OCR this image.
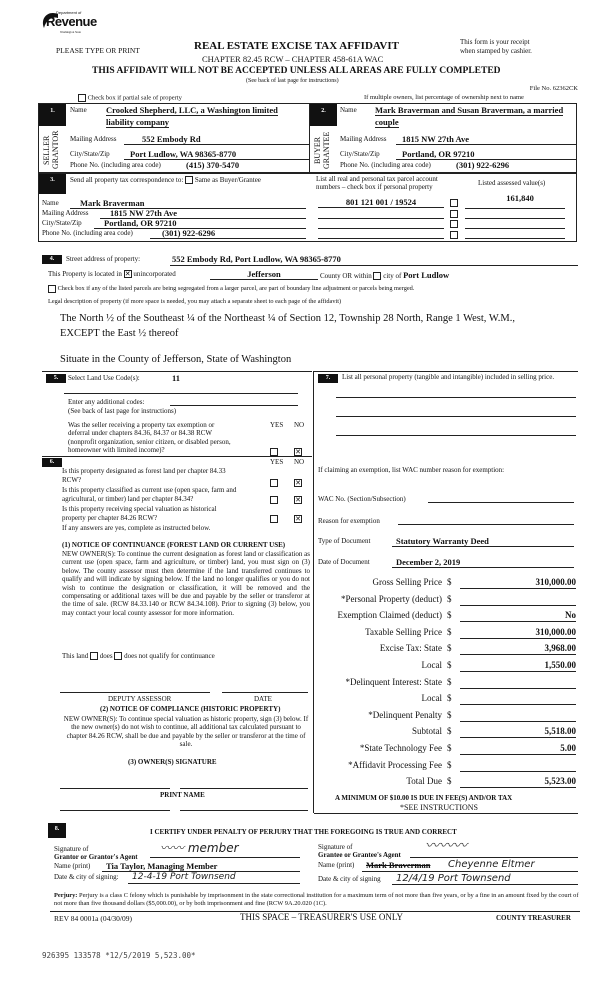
Department of
Revenue
Washington State
PLEASE TYPE OR PRINT	REAL ESTATE EXCISE TAX AFFIDAVIT
CHAPTER 82.45 RCW – CHAPTER 458-61A WAC
This form is your receipt
when stamped by cashier.
THIS AFFIDAVIT WILL NOT BE ACCEPTED UNLESS ALL AREAS ARE FULLY COMPLETED
(See back of last page for instructions)
File No. 62362CK
Check box if partial sale of property	If multiple owners, list percentage of ownership next to name
1.
SELLER GRANTOR
Name Crooked Shepherd, LLC, a Washington limited
liability company
Mailing Address	552 Embody Rd
City/State/Zip	Port Ludlow, WA 98365-8770
Phone No. (including area code)	(415) 370-5470
2.
BUYER GRANTEE
Name Mark Braverman and Susan Braverman, a married
couple
Mailing Address	1815 NW 27th Ave
City/State/Zip	Portland, OR 97210
Phone No. (including area code)	(301) 922-6296
3.	Send all property tax correspondence to: Same as Buyer/Grantee
Name	Mark Braverman
Mailing Address	1815 NW 27th Ave
City/State/Zip	Portland, OR 97210
Phone No. (including area code)	(301) 922-6296
List all real and personal tax parcel account numbers – check box if personal property	Listed assessed value(s)
801 121 001 / 19524	161,840

4.	Street address of property:	552 Embody Rd, Port Ludlow, WA 98365-8770
This Property is located in ✕ unincorporated	Jefferson	County OR within city of Port Ludlow
Check box if any of the listed parcels are being segregated from a larger parcel, are part of boundary line adjustment or parcels being merged.
Legal description of property (if more space is needed, you may attach a separate sheet to each page of the affidavit)
The North ½ of the Southeast ¼ of the Northeast ¼ of Section 12, Township 28 North, Range 1 West, W.M.,
EXCEPT the East ½ thereof
Situate in the County of Jefferson, State of Washington
5.	Select Land Use Code(s):	11
Enter any additional codes:
(See back of last page for instructions)
Was the seller receiving a property tax exemption or
deferral under chapters 84.36, 84.37 or 84.38 RCW
(nonprofit organization, senior citizen, or disabled person,
homeowner with limited income)?
YES NO
✕
6.	YES NO
Is this property designated as forest land per chapter 84.33
RCW?
Is this property classified as current use (open space, farm and
agricultural, or timber) land per chapter 84.34?
Is this property receiving special valuation as historical
property per chapter 84.26 RCW?
✕
✕
✕
If any answers are yes, complete as instructed below.
(1) NOTICE OF CONTINUANCE (FOREST LAND OR CURRENT USE)
NEW OWNER(S): To continue the current designation as forest land or classification as current use (open space, farm and agriculture, or timber) land, you must sign on (3) below. The county assessor must then determine if the land transferred continues to qualify and will indicate by signing below. If the land no longer qualifies or you do not wish to continue the designation or classification, it will be removed and the compensating or additional taxes will be due and payable by the seller or transferor at the time of sale. (RCW 84.33.140 or RCW 84.34.108). Prior to signing (3) below, you may contact your local county assessor for more information.
This land does does not qualify for continuance
DEPUTY ASSESSOR	DATE
(2) NOTICE OF COMPLIANCE (HISTORIC PROPERTY)
NEW OWNER(S): To continue special valuation as historic property, sign (3) below. If the new owner(s) do not wish to continue, all additional tax calculated pursuant to chapter 84.26 RCW, shall be due and payable by the seller or transferor at the time of sale.
(3) OWNER(S) SIGNATURE
PRINT NAME
7.	List all personal property (tangible and intangible) included in selling price.
If claiming an exemption, list WAC number reason for exemption:
WAC No. (Section/Subsection)
Reason for exemption
Type of Document	Statutory Warranty Deed
Date of Document	December 2, 2019
Gross Selling Price $	310,000.00
*Personal Property (deduct) $
Exemption Claimed (deduct) $	No
Taxable Selling Price $	310,000.00
Excise Tax: State $	3,968.00
Local $	1,550.00
*Delinquent Interest: State $
Local $
*Delinquent Penalty $
Subtotal $	5,518.00
*State Technology Fee $	5.00
*Affidavit Processing Fee $
Total Due $	5,523.00
A MINIMUM OF $10.00 IS DUE IN FEE(S) AND/OR TAX
*SEE INSTRUCTIONS
8.	I CERTIFY UNDER PENALTY OF PERJURY THAT THE FOREGOING IS TRUE AND CORRECT
Signature of
Grantor or Grantor's Agent
〰〰 member
Name (print)	Tia Taylor, Managing Member
Date & city of signing:	12-4-19 Port Townsend
Signature of
Grantee or Grantee's Agent
〰〰〰
Name (print) Mark Braverman Cheyenne Eltmer
Date & city of signing	12/4/19 Port Townsend
Perjury: Perjury is a class C felony which is punishable by imprisonment in the state correctional institution for a maximum term of not more than five years, or by a fine in an amount fixed by the court of not more than five thousand dollars ($5,000.00), or by both imprisonment and fine (RCW 9A.20.020 (1C).
REV 84 0001a (04/30/09)	THIS SPACE – TREASURER'S USE ONLY	COUNTY TREASURER
926395 133578 *12/5/2019 5,523.00*
